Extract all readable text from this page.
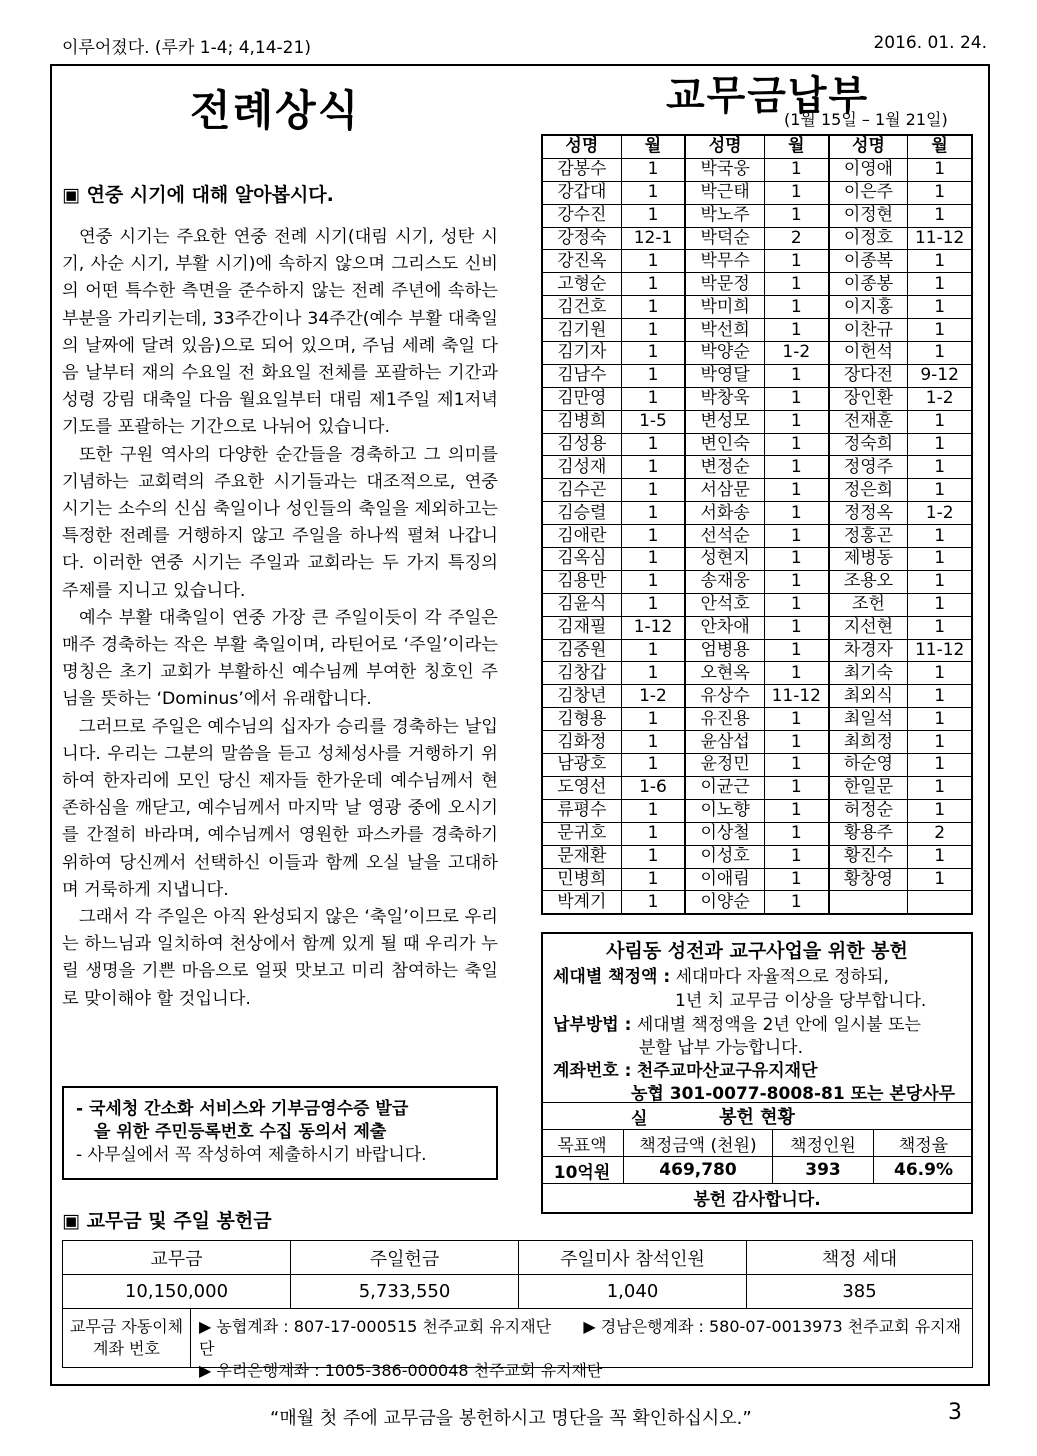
이루어졌다. (루카 1-4; 4,14-21)	2016. 01. 24.
전례상식	교무금납부
(1월 15일 – 1월 21일)
▣ 연중 시기에 대해 알아봅시다.

연중 시기는 주요한 연중 전례 시기(대림 시기, 성탄 시기, 사순 시기, 부활 시기)에 속하지 않으며 그리스도 신비의 어떤 특수한 측면을 준수하지 않는 전례 주년에 속하는 부분을 가리키는데, 33주간이나 34주간(예수 부활 대축일의 날짜에 달려 있음)으로 되어 있으며, 주님 세례 축일 다음 날부터 재의 수요일 전 화요일 전체를 포괄하는 기간과 성령 강림 대축일 다음 월요일부터 대림 제1주일 제1저녁 기도를 포괄하는 기간으로 나뉘어 있습니다.

또한 구원 역사의 다양한 순간들을 경축하고 그 의미를 기념하는 교회력의 주요한 시기들과는 대조적으로, 연중 시기는 소수의 신심 축일이나 성인들의 축일을 제외하고는 특정한 전례를 거행하지 않고 주일을 하나씩 펼쳐 나갑니다. 이러한 연중 시기는 주일과 교회라는 두 가지 특징의 주제를 지니고 있습니다.

예수 부활 대축일이 연중 가장 큰 주일이듯이 각 주일은 매주 경축하는 작은 부활 축일이며, 라틴어로 ‘주일’이라는 명칭은 초기 교회가 부활하신 예수님께 부여한 칭호인 주님을 뜻하는 ‘Dominus’에서 유래합니다.

그러므로 주일은 예수님의 십자가 승리를 경축하는 날입니다. 우리는 그분의 말씀을 듣고 성체성사를 거행하기 위하여 한자리에 모인 당신 제자들 한가운데 예수님께서 현존하심을 깨닫고, 예수님께서 마지막 날 영광 중에 오시기를 간절히 바라며, 예수님께서 영원한 파스카를 경축하기 위하여 당신께서 선택하신 이들과 함께 오실 날을 고대하며 거룩하게 지냅니다.

그래서 각 주일은 아직 완성되지 않은 ‘축일’이므로 우리는 하느님과 일치하여 천상에서 함께 있게 될 때 우리가 누릴 생명을 기쁜 마음으로 얼핏 맛보고 미리 참여하는 축일로 맞이해야 할 것입니다.

- 국세청 간소화 서비스와 기부금영수증 발급
을 위한 주민등록번호 수집 동의서 제출
- 사무실에서 꼭 작성하여 제출하시기 바랍니다.
성명	월	성명	월	성명	월
감봉수	1	박국웅	1	이영애	1
강갑대	1	박근태	1	이은주	1
강수진	1	박노주	1	이정현	1
강정숙	12-1	박덕순	2	이정호	11-12
강진옥	1	박무수	1	이종복	1
고형순	1	박문정	1	이종봉	1
김건호	1	박미희	1	이지홍	1
김기원	1	박선희	1	이찬규	1
김기자	1	박양순	1-2	이헌석	1
김남수	1	박영달	1	장다전	9-12
김만영	1	박창욱	1	장인환	1-2
김병희	1-5	변성모	1	전재훈	1
김성용	1	변인숙	1	정숙희	1
김성재	1	변정순	1	정영주	1
김수곤	1	서삼문	1	정은희	1
김승렬	1	서화송	1	정정옥	1-2
김애란	1	선석순	1	정홍곤	1
김옥심	1	성현지	1	제병동	1
김용만	1	송재웅	1	조용오	1
김윤식	1	안석호	1	조헌	1
김재필	1-12	안차애	1	지선현	1
김중원	1	엄병용	1	차경자	11-12
김창갑	1	오현옥	1	최기숙	1
김창년	1-2	유상수	11-12	최외식	1
김형용	1	유진용	1	최일석	1
김화정	1	윤삼섭	1	최희정	1
남광호	1	윤정민	1	하순영	1
도영선	1-6	이균근	1	한일문	1
류평수	1	이노향	1	허정순	1
문귀호	1	이상철	1	황용주	2
문재환	1	이성호	1	황진수	1
민병희	1	이애림	1	황창영	1
박계기	1	이양순	1		
사림동 성전과 교구사업을 위한 봉헌
세대별 책정액 : 세대마다 자율적으로 정하되,
1년 치 교무금 이상을 당부합니다.
납부방법 : 세대별 책정액을 2년 안에 일시불 또는
분할 납부 가능합니다.
계좌번호 : 천주교마산교구유지재단
농협 301-0077-8008-81 또는 본당사무실	봉헌 현황			
목표액	책정금액 (천원)	책정인원	책정율
10억원	469,780	393	46.9%
봉헌 감사합니다.			
▣ 교무금 및 주일 봉헌금
교무금	주일헌금	주일미사 참석인원	책정 세대
10,150,000	5,733,550	1,040	385
교무금 자동이체
계좌 번호
▶ 농협계좌 : 807-17-000515 천주교회 유지재단 ▶ 경남은행계좌 : 580-07-0013973 천주교회 유지재단
▶ 우리은행계좌 : 1005-386-000048 천주교회 유지재단
“매월 첫 주에 교무금을 봉헌하시고 명단을 꼭 확인하십시오.”	3
